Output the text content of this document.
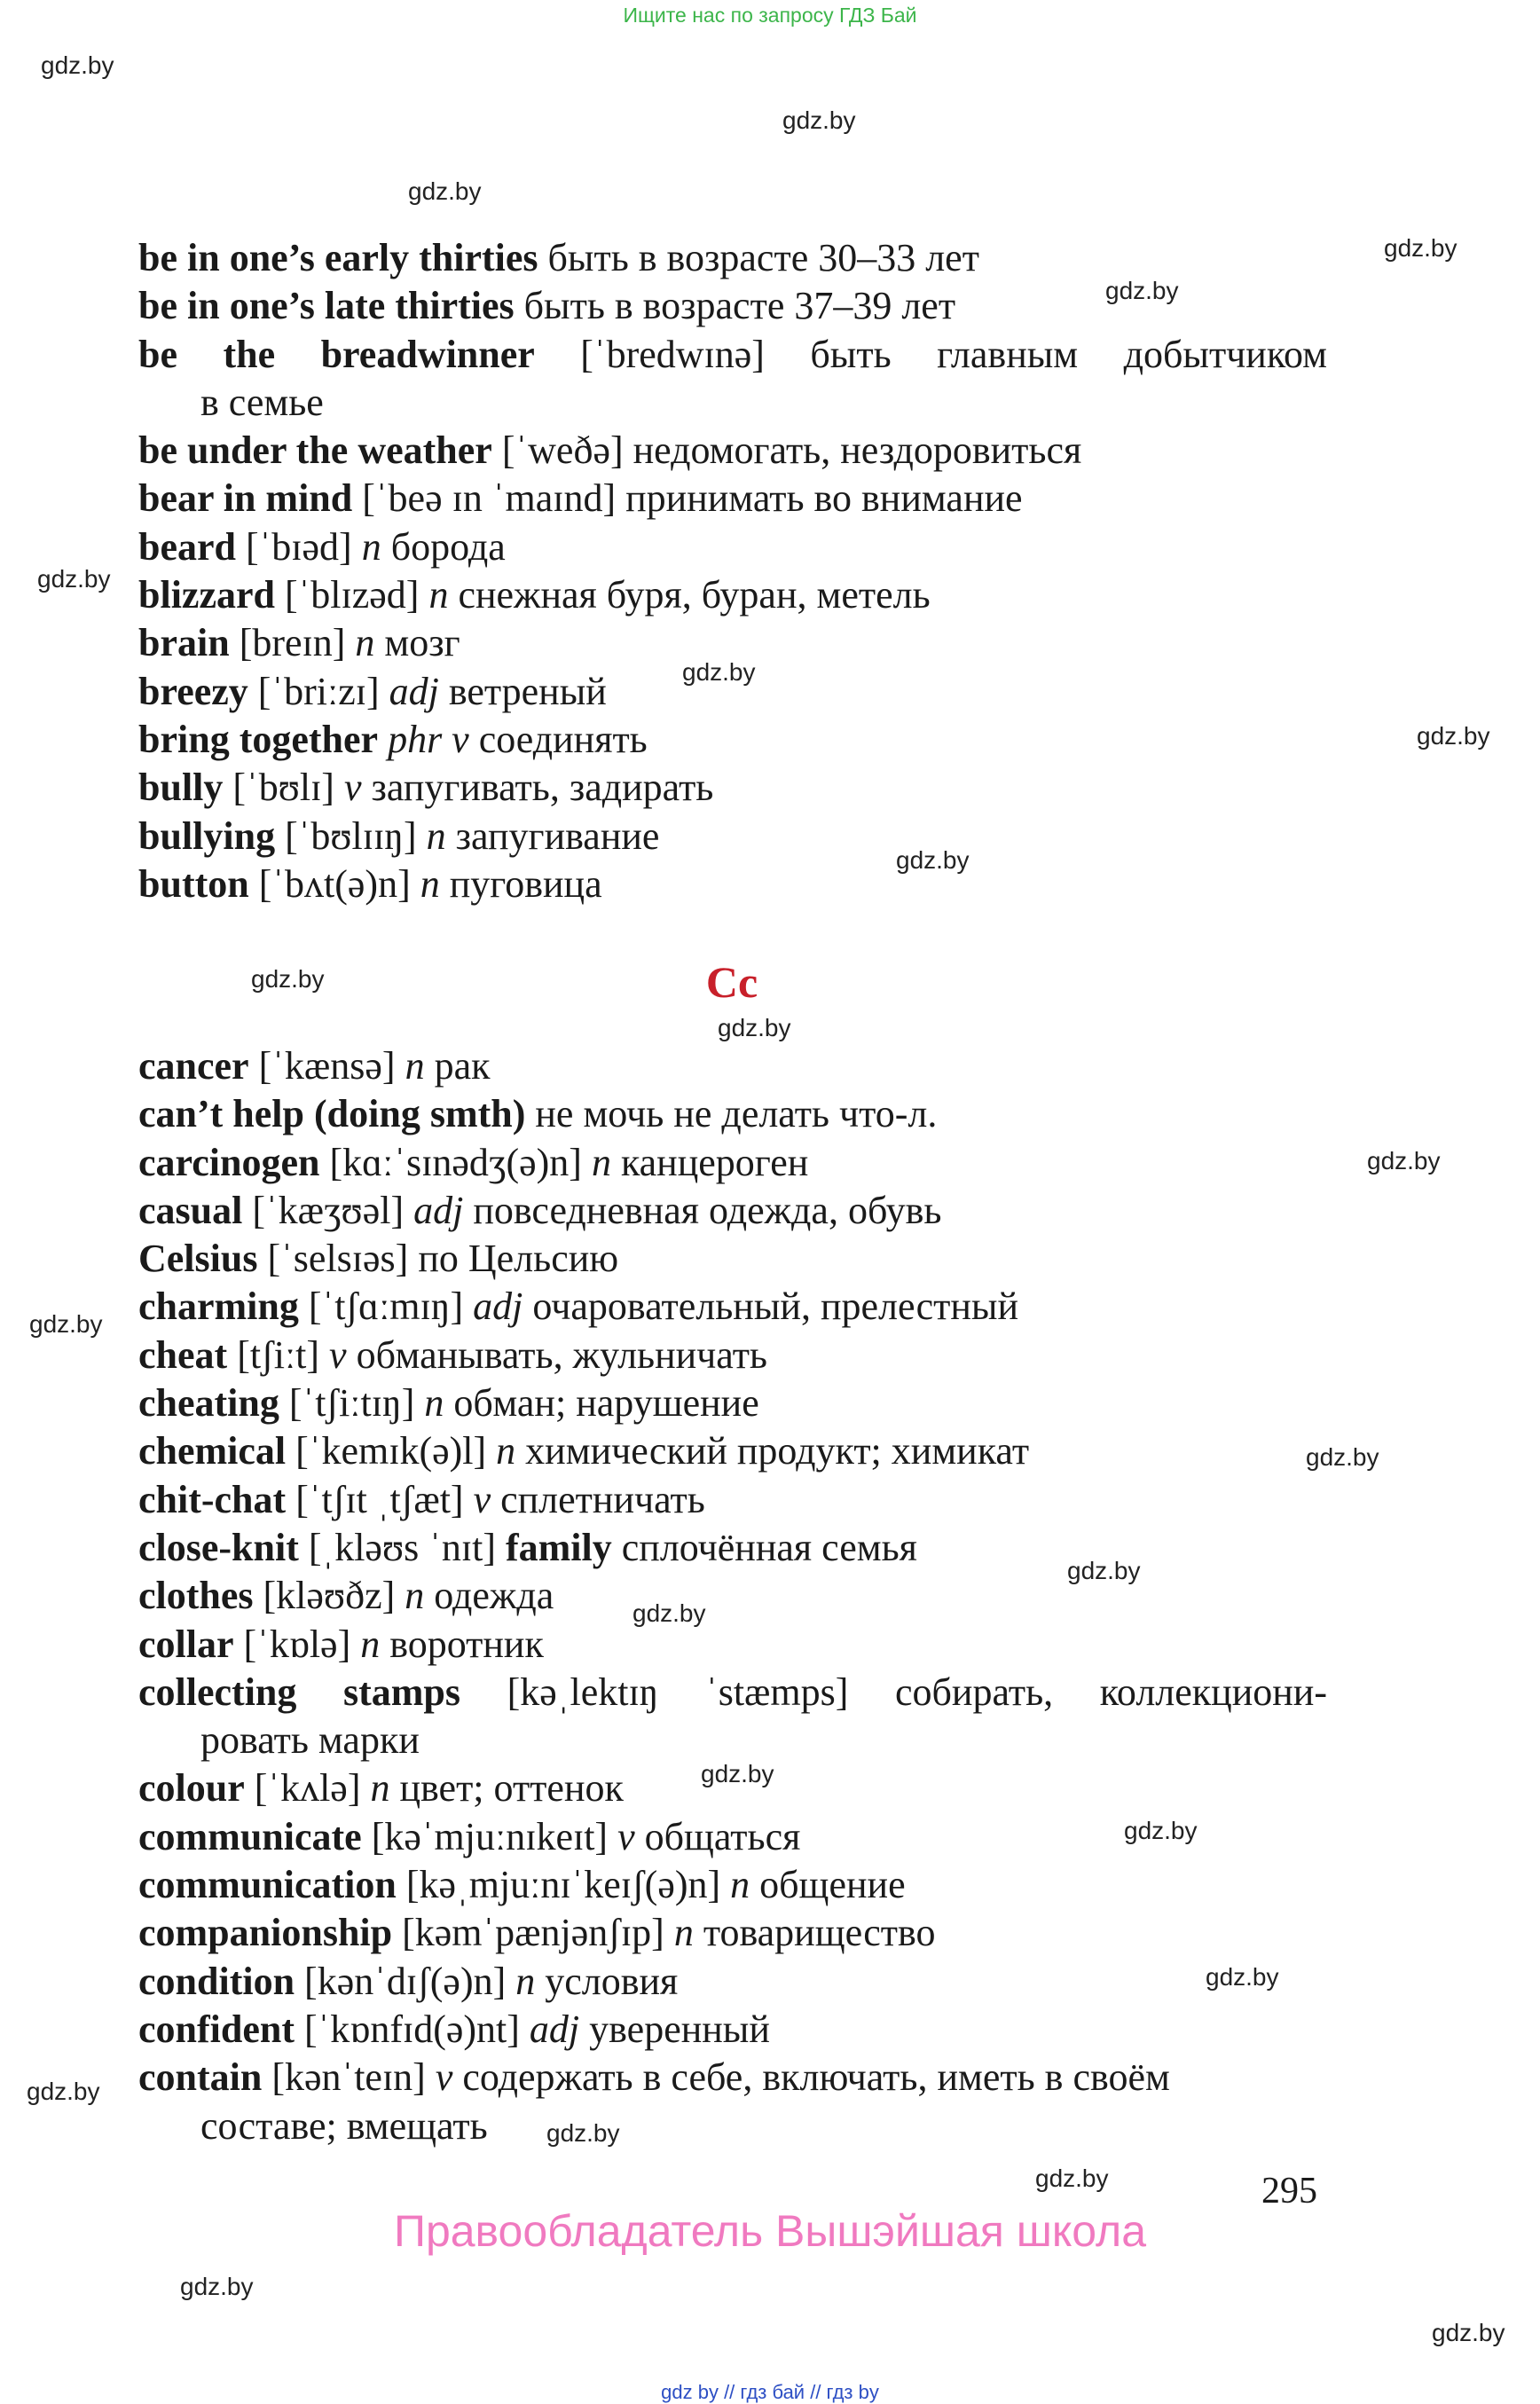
Ищите нас по запросу ГДЗ Бай
be in one’s early thirties быть в возрасте 30–33 лет
be in one’s late thirties быть в возрасте 37–39 лет
be the breadwinner [ˈbredwɪnə] быть главным добытчиком
в семье
be under the weather [ˈweðə] недомогать, нездоровиться
bear in mind [ˈbeə ɪn ˈmaɪnd] принимать во внимание
beard [ˈbɪəd] n борода
blizzard [ˈblɪzəd] n снежная буря, буран, метель
brain [breɪn] n мозг
breezy [ˈbriːzɪ] adj ветреный
bring together phr v соединять
bully [ˈbʊlɪ] v запугивать, задирать
bullying [ˈbʊlɪɪŋ] n запугивание
button [ˈbʌt(ə)n] n пуговица
Cc
cancer [ˈkænsə] n рак
can’t help (doing smth) не мочь не делать что-л.
carcinogen [kɑːˈsɪnədʒ(ə)n] n канцероген
casual [ˈkæʒʊəl] adj повседневная одежда, обувь
Celsius [ˈselsɪəs] по Цельсию
charming [ˈtʃɑːmɪŋ] adj очаровательный, прелестный
cheat [tʃiːt] v обманывать, жульничать
cheating [ˈtʃiːtɪŋ] n обман; нарушение
chemical [ˈkemɪk(ə)l] n химический продукт; химикат
chit-chat [ˈtʃɪt ˌtʃæt] v сплетничать
close-knit [ˌkləʊs ˈnɪt] family сплочённая семья
clothes [kləʊðz] n одежда
collar [ˈkɒlə] n воротник
collecting stamps [kəˌlektɪŋ ˈstæmps] собирать, коллекциони-
ровать марки
colour [ˈkʌlə] n цвет; оттенок
communicate [kəˈmjuːnɪkeɪt] v общаться
communication [kəˌmjuːnɪˈkeɪʃ(ə)n] n общение
companionship [kəmˈpænjənʃɪp] n товарищество
condition [kənˈdɪʃ(ə)n] n условия
confident [ˈkɒnfɪd(ə)nt] adj уверенный
contain [kənˈteɪn] v содержать в себе, включать, иметь в своём
составе; вмещать
295
Правообладатель Вышэйшая школа
gdz by // гдз бай // гдз by
gdz.by
gdz.by
gdz.by
gdz.by
gdz.by
gdz.by
gdz.by
gdz.by
gdz.by
gdz.by
gdz.by
gdz.by
gdz.by
gdz.by
gdz.by
gdz.by
gdz.by
gdz.by
gdz.by
gdz.by
gdz.by
gdz.by
gdz.by
gdz.by
